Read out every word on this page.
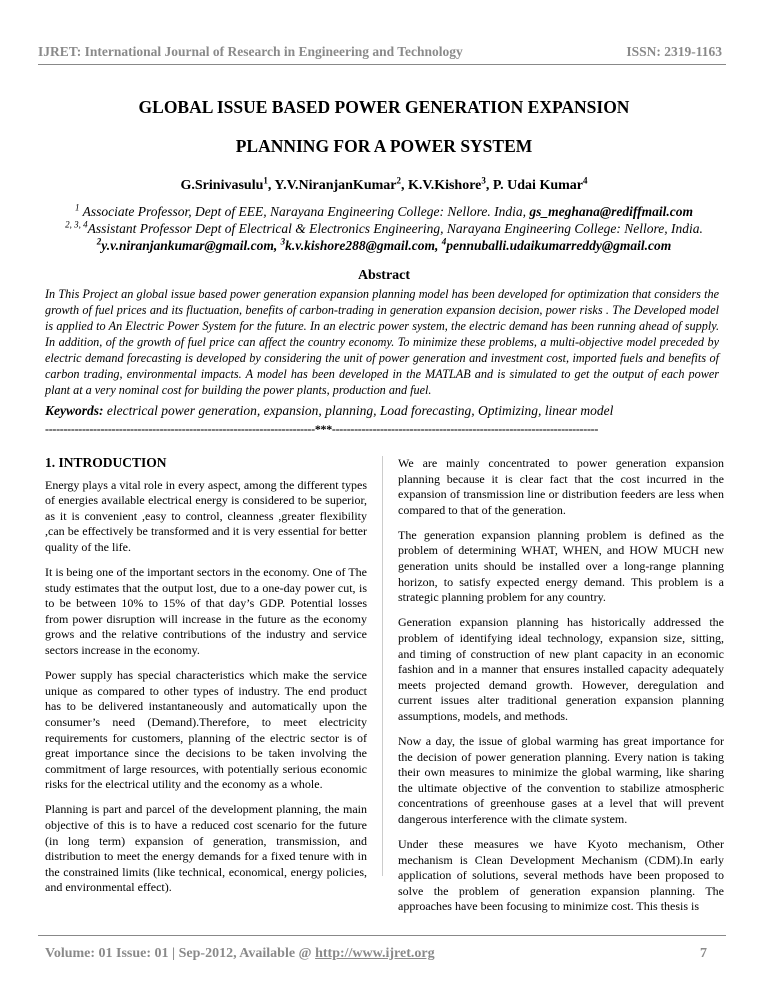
IJRET: International Journal of Research in Engineering and Technology	ISSN: 2319-1163
GLOBAL ISSUE BASED POWER GENERATION EXPANSION
PLANNING FOR A POWER SYSTEM
G.Srinivasulu$^1$, Y.V.NiranjanKumar$^2$, K.V.Kishore$^3$, P. Udai Kumar$^4$
$^1$ Associate Professor, Dept of EEE, Narayana Engineering College: Nellore. India, gs_meghana@rediffmail.com
$^{2, 3, 4}$Assistant Professor Dept of Electrical & Electronics Engineering, Narayana Engineering College: Nellore, India.
$^2$y.v.niranjankumar@gmail.com, $^3$k.v.kishore288@gmail.com, $^4$pennuballi.udaikumarreddy@gmail.com
Abstract

In This Project an global issue based power generation expansion planning model has been developed for optimization that considers the growth of fuel prices and its fluctuation, benefits of carbon-trading in generation expansion decision, power risks . The Developed model is applied to An Electric Power System for the future. In an electric power system, the electric demand has been running ahead of supply. In addition, of the growth of fuel price can affect the country economy. To minimize these problems, a multi-objective model preceded by electric demand forecasting is developed by considering the unit of power generation and investment cost, imported fuels and benefits of carbon trading, environmental impacts. A model has been developed in the MATLAB and is simulated to get the output of each power plant at a very nominal cost for building the power plants, production and fuel.

Keywords: electrical power generation, expansion, planning, Load forecasting, Optimizing, linear model

-------------------------------------------------------------------------***------------------------------------------------------------------------
1. INTRODUCTION

Energy plays a vital role in every aspect, among the different types of energies available electrical energy is considered to be superior, as it is convenient ,easy to control, cleanness ,greater flexibility ,can be effectively be transformed and it is very essential for better quality of the life.

It is being one of the important sectors in the economy. One of The study estimates that the output lost, due to a one-day power cut, is to be between 10% to 15% of that day’s GDP. Potential losses from power disruption will increase in the future as the economy grows and the relative contributions of the industry and service sectors increase in the economy.

Power supply has special characteristics which make the service unique as compared to other types of industry. The end product has to be delivered instantaneously and automatically upon the consumer’s need (Demand).Therefore, to meet electricity requirements for customers, planning of the electric sector is of great importance since the decisions to be taken involving the commitment of large resources, with potentially serious economic risks for the electrical utility and the economy as a whole.

Planning is part and parcel of the development planning, the main objective of this is to have a reduced cost scenario for the future (in long term) expansion of generation, transmission, and distribution to meet the energy demands for a fixed tenure with in the constrained limits (like technical, economical, energy policies, and environmental effect).

We are mainly concentrated to power generation expansion planning because it is clear fact that the cost incurred in the expansion of transmission line or distribution feeders are less when compared to that of the generation.

The generation expansion planning problem is defined as the problem of determining WHAT, WHEN, and HOW MUCH new generation units should be installed over a long-range planning horizon, to satisfy expected energy demand. This problem is a strategic planning problem for any country.

Generation expansion planning has historically addressed the problem of identifying ideal technology, expansion size, sitting, and timing of construction of new plant capacity in an economic fashion and in a manner that ensures installed capacity adequately meets projected demand growth. However, deregulation and current issues alter traditional generation expansion planning assumptions, models, and methods.

Now a day, the issue of global warming has great importance for the decision of power generation planning. Every nation is taking their own measures to minimize the global warming, like sharing the ultimate objective of the convention to stabilize atmospheric concentrations of greenhouse gases at a level that will prevent dangerous interference with the climate system.

Under these measures we have Kyoto mechanism, Other mechanism is Clean Development Mechanism (CDM).In early application of solutions, several methods have been proposed to solve the problem of generation expansion planning. The approaches have been focusing to minimize cost. This thesis is

Volume: 01 Issue: 01 | Sep-2012, Available @ http://www.ijret.org	7
